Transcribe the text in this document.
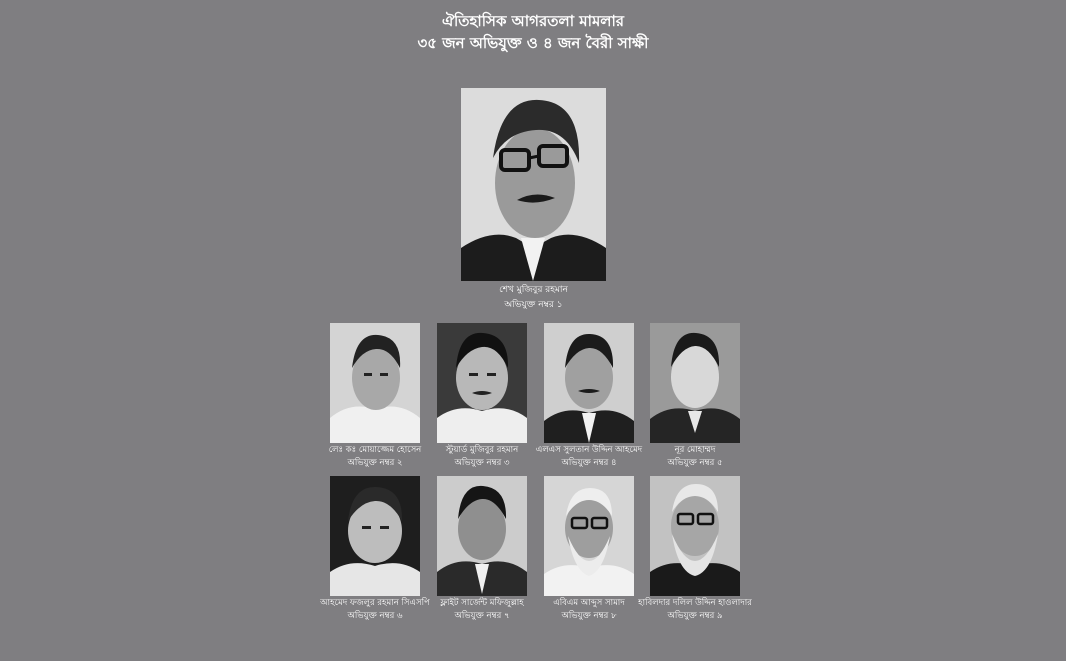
ঐতিহাসিক আগরতলা মামলার
৩৫ জন অভিযুক্ত ও ৪ জন বৈরী সাক্ষী
শেখ মুজিবুর রহমান
অভিযুক্ত নম্বর ১
লেঃ কঃ মোয়াজ্জেম হোসেন
অভিযুক্ত নম্বর ২
স্টুয়ার্ড মুজিবুর রহমান
অভিযুক্ত নম্বর ৩
এলএস সুলতান উদ্দিন আহমেদ
অভিযুক্ত নম্বর ৪
নূর মোহাম্মদ
অভিযুক্ত নম্বর ৫
আহমেদ ফজলুর রহমান সিএসপি
অভিযুক্ত নম্বর ৬
ফ্লাইট সার্জেন্ট মফিজুল্লাহ
অভিযুক্ত নম্বর ৭
এবিএম আব্দুস সামাদ
অভিযুক্ত নম্বর ৮
হাবিলদার দলিল উদ্দিন হাওলাদার
অভিযুক্ত নম্বর ৯
